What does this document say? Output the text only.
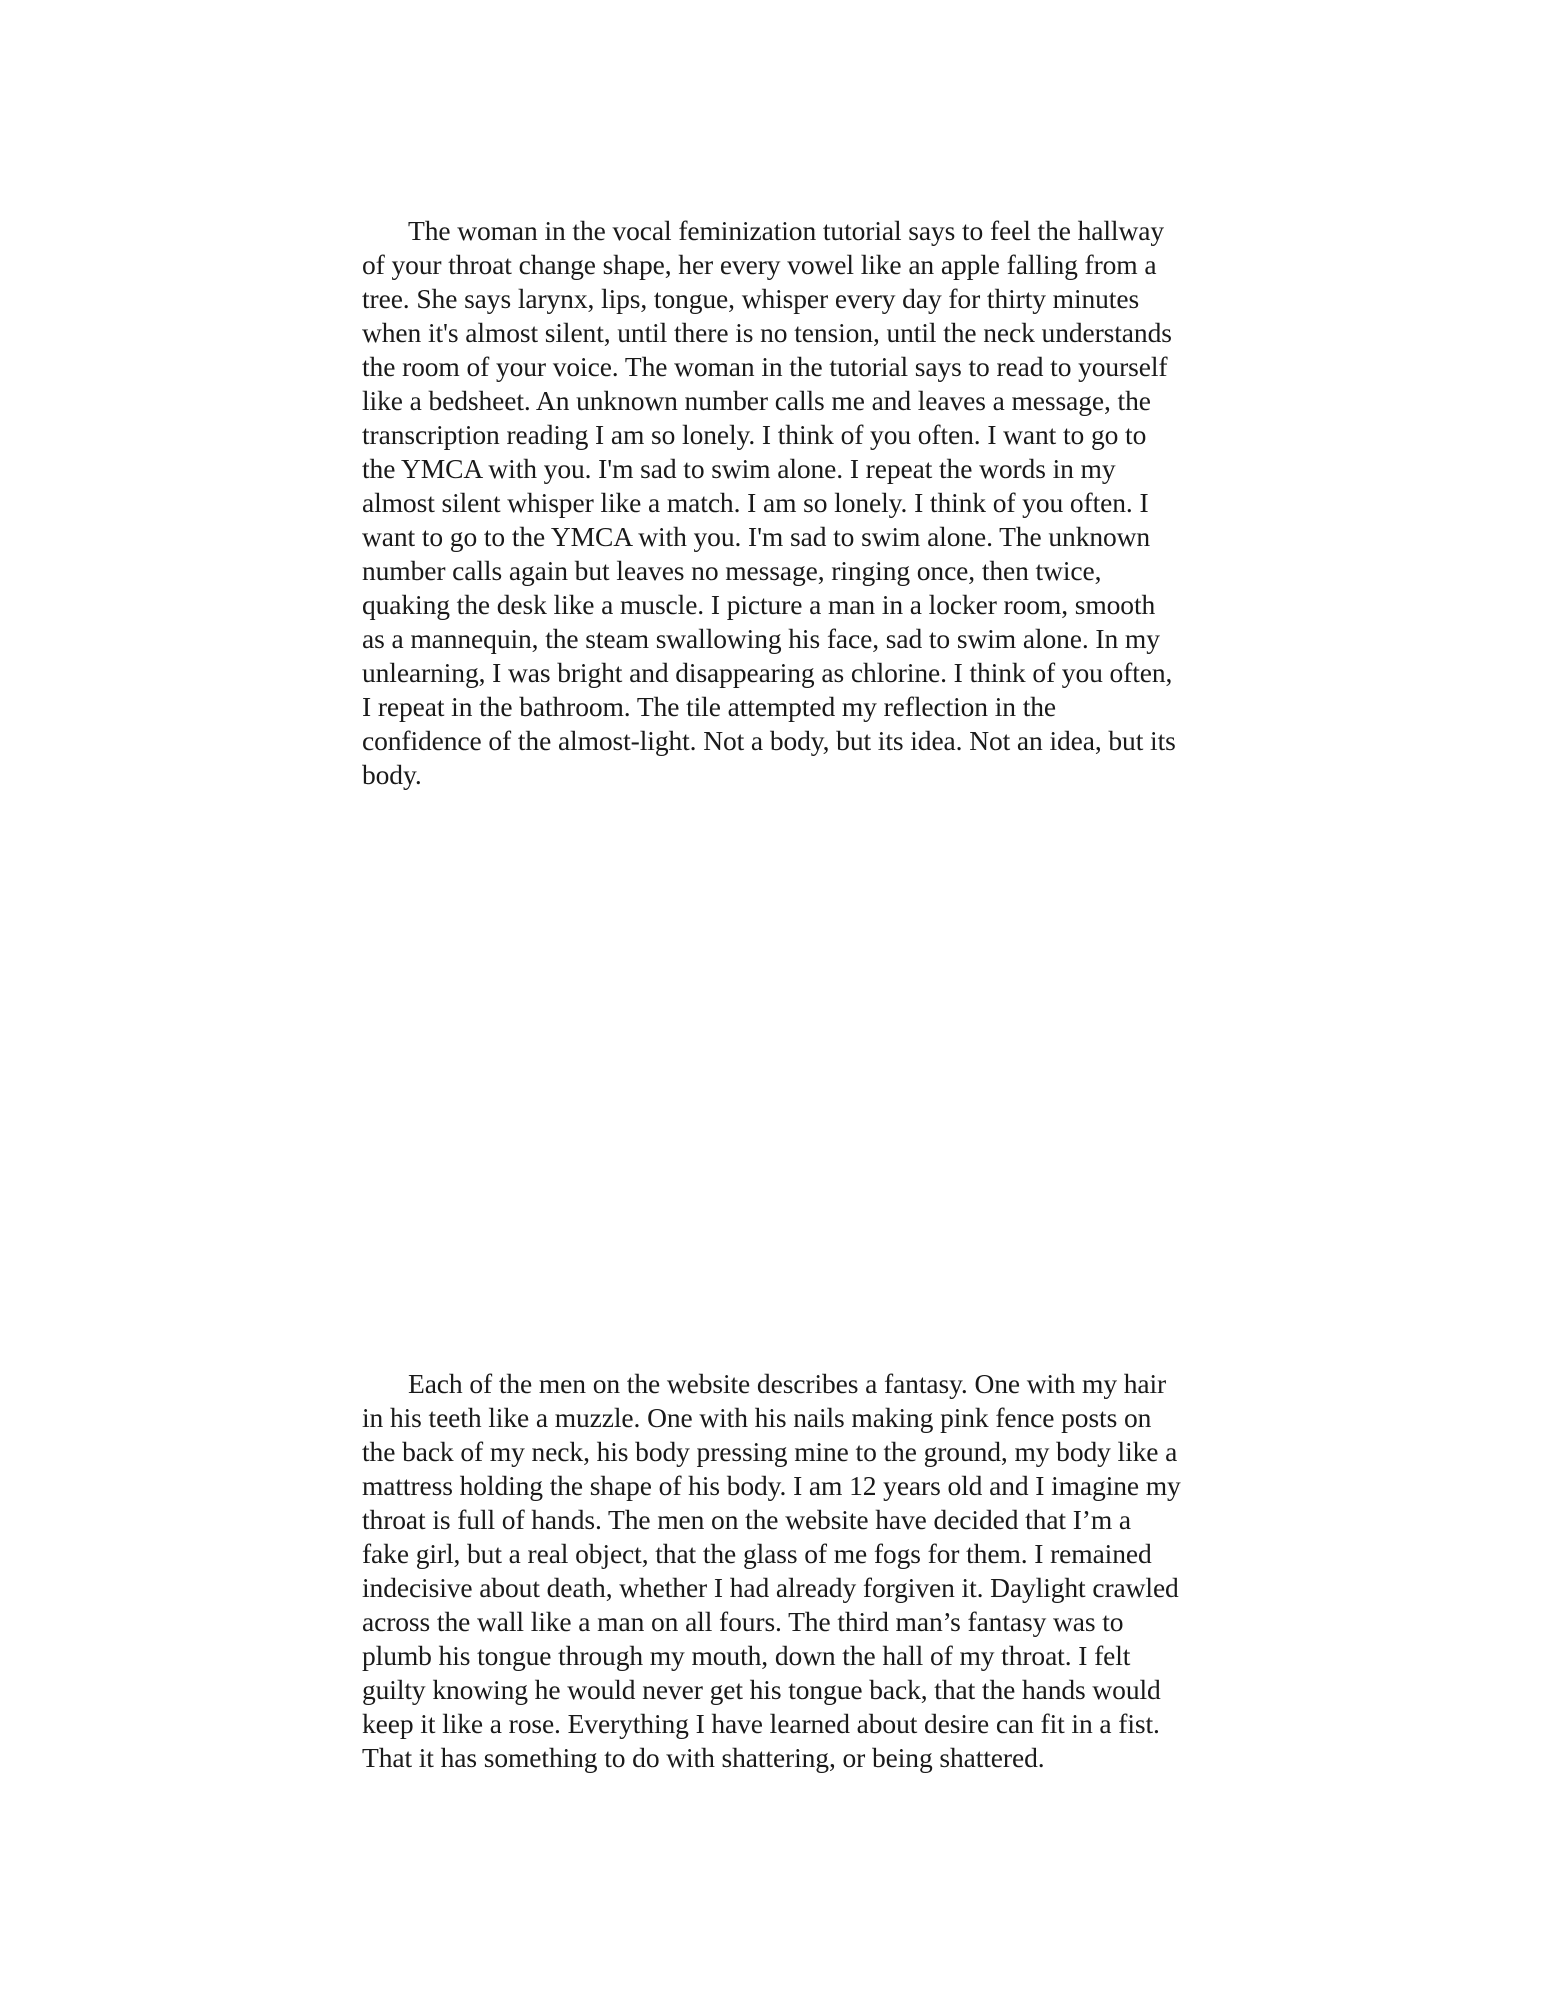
The woman in the vocal feminization tutorial says to feel the hallway of your throat change shape, her every vowel like an apple falling from a tree. She says larynx, lips, tongue, whisper every day for thirty minutes when it's almost silent, until there is no tension, until the neck understands the room of your voice. The woman in the tutorial says to read to yourself like a bedsheet. An unknown number calls me and leaves a message, the transcription reading I am so lonely. I think of you often. I want to go to the YMCA with you. I'm sad to swim alone. I repeat the words in my almost silent whisper like a match. I am so lonely. I think of you often. I want to go to the YMCA with you. I'm sad to swim alone. The unknown number calls again but leaves no message, ringing once, then twice, quaking the desk like a muscle. I picture a man in a locker room, smooth as a mannequin, the steam swallowing his face, sad to swim alone. In my unlearning, I was bright and disappearing as chlorine. I think of you often, I repeat in the bathroom. The tile attempted my reflection in the confidence of the almost-light. Not a body, but its idea. Not an idea, but its body.

Each of the men on the website describes a fantasy. One with my hair in his teeth like a muzzle. One with his nails making pink fence posts on the back of my neck, his body pressing mine to the ground, my body like a mattress holding the shape of his body. I am 12 years old and I imagine my throat is full of hands. The men on the website have decided that I’m a fake girl, but a real object, that the glass of me fogs for them. I remained indecisive about death, whether I had already forgiven it. Daylight crawled across the wall like a man on all fours. The third man’s fantasy was to plumb his tongue through my mouth, down the hall of my throat. I felt guilty knowing he would never get his tongue back, that the hands would keep it like a rose. Everything I have learned about desire can fit in a fist. That it has something to do with shattering, or being shattered.
